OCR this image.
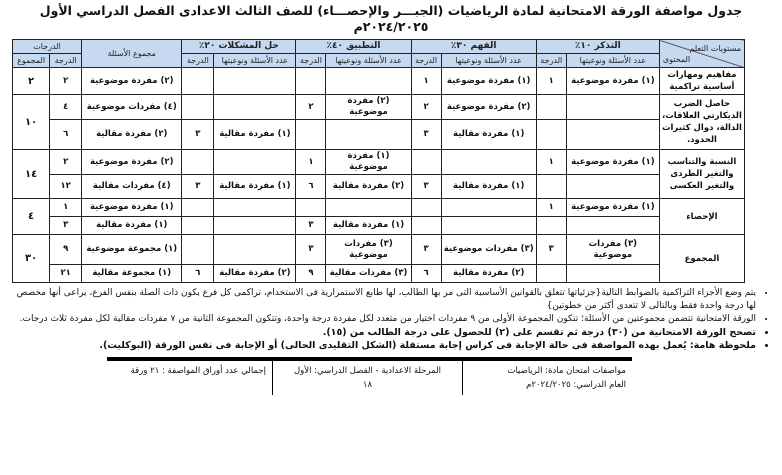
جدول مواصفة الورقة الامتحانية لمادة الرياضيات (الجبـــر والإحصـــاء) للصف الثالث الاعدادى الفصل الدراسي الأول ٢٠٢٤/٢٠٢٥م
مستويات التعلم
المحتوى	التذكر ١٠٪		الفهم ٣٠٪		التطبيق ٤٠٪		حل المشكلات ٢٠٪		مجموع الأسئلة	الدرجات	
	عدد الأسئلة ونوعيتها	الدرجة	عدد الأسئلة ونوعيتها	الدرجة	عدد الأسئلة ونوعيتها	الدرجة	عدد الأسئلة ونوعيتها	الدرجة		الدرجة	المجموع
مفاهيم ومهارات أساسية تراكمية	(١) مفردة موضوعية	١	(١) مفردة موضوعية	١					(٢) مفردة موضوعية	٢	٢
حاصل الضرب الديكارتي العلاقات، الدالة، دوال كثيرات الحدود.			(٢) مفردة موضوعية	٢	(٢) مفردة موضوعية	٢			(٤) مفردات موضوعية	٤	١٠
			(١) مفردة مقالية	٣			(١) مفردة مقالية	٣	(٢) مفردة مقالية	٦	
النسبة والتناسب والتغير الطردى والتغير العكسى	(١) مفردة موضوعية	١			(١) مفردة موضوعية	١			(٢) مفردة موضوعية	٢	١٤
			(١) مفردة مقالية	٣	(٢) مفردة مقالية	٦	(١) مفردة مقالية	٣	(٤) مفردات مقالية	١٢	
الإحصاء	(١) مفردة موضوعية	١							(١) مفردة موضوعية	١	٤
					(١) مفردة مقالية	٣			(١) مفردة مقالية	٣	
المجموع	(٣) مفردات موضوعية	٣	(٣) مفردات موضوعية	٣	(٣) مفردات موضوعية	٣			(١) مجموعة موضوعية	٩	٣٠
			(٢) مفردة مقالية	٦	(٣) مفردات مقالية	٩	(٢) مفردة مقالية	٦	(١) مجموعة مقالية	٢١	
• يتم وضع الأجزاء التراكمية بالضوابط التالية{جزئياتها تتعلق بالقوانين الأساسية التى مر بها الطالب، لها طابع الاستمرارية فى الاستخدام، تراكمى كل فرع يكون ذات الصلة بنفس الفرع، يراعى أنها مخصص لها درجة واحدة فقط وبالتالى لا تتعدى أكثر من خطوتين}
• الورقة الامتحانية تتضمن مجموعتين من الأسئلة؛ تتكون المجموعة الأولى من ٩ مفردات اختيار من متعدد لكل مفردة درجة واحدة، وتتكون المجموعة الثانية من ٧ مفردات مقالية لكل مفردة ثلاث درجات.
• تصحح الورقة الامتحانية من (٣٠) درجة ثم تقسم على (٢) للحصول على درجة الطالب من (١٥).
• ملحوظة هامة: يُعمل بهذه المواصفة فى حالة الإجابة فى كراس إجابة مستقلة (الشكل التقليدى الحالى) أو الإجابة فى نفس الورقة (البوكليت).
مواصفات امتحان مادة: الرياضيات
العام الدراسي: ٢٠٢٤/٢٠٢٥م
المرحلة الاعدادية - الفصل الدراسي: الأول
١٨
إجمالي عدد أوراق المواصفة : ٢١ ورقة
